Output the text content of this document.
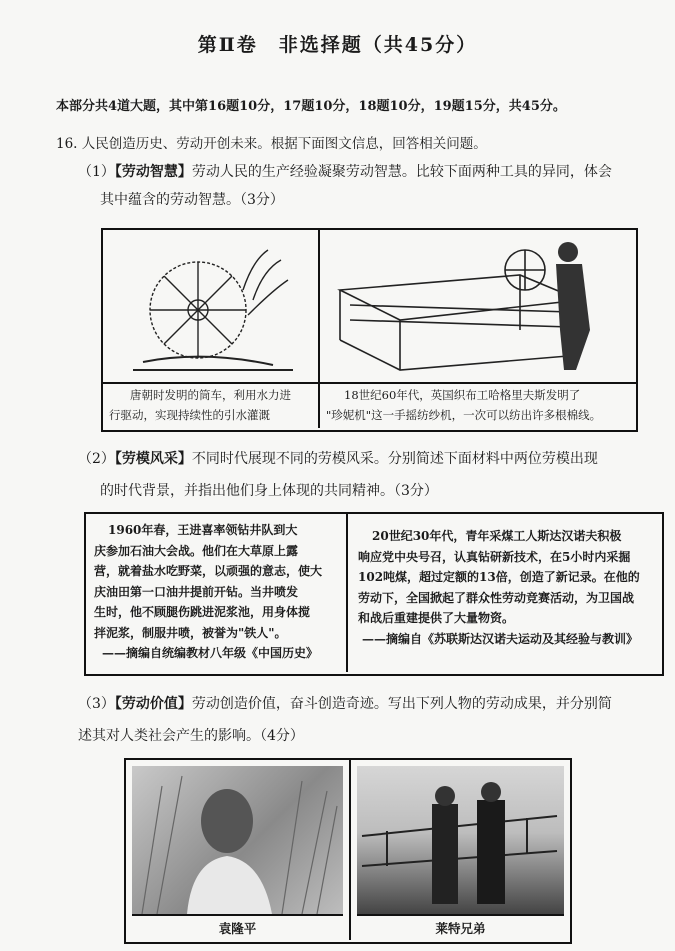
第Ⅱ卷　非选择题（共45分）
本部分共4道大题，其中第16题10分，17题10分，18题10分，19题15分，共45分。
16. 人民创造历史、劳动开创未来。根据下面图文信息，回答相关问题。
（1）【劳动智慧】劳动人民的生产经验凝聚劳动智慧。比较下面两种工具的异同，体会
其中蕴含的劳动智慧。（3分）
唐朝时发明的筒车，利用水力进
行驱动，实现持续性的引水灌溉
18世纪60年代，英国织布工哈格里夫斯发明了
"珍妮机"这一手摇纺纱机，一次可以纺出许多根棉线。
（2）【劳模风采】不同时代展现不同的劳模风采。分别简述下面材料中两位劳模出现
的时代背景，并指出他们身上体现的共同精神。（3分）
1960年春，王进喜率领钻井队到大
庆参加石油大会战。他们在大草原上露
营，就着盐水吃野菜，以顽强的意志，使大
庆油田第一口油井提前开钻。当井喷发
生时，他不顾腿伤跳进泥浆池，用身体搅
拌泥浆，制服井喷，被誉为"铁人"。
——摘编自统编教材八年级《中国历史》
20世纪30年代，青年采煤工人斯达汉诺夫积极
响应党中央号召，认真钻研新技术，在5小时内采掘
102吨煤，超过定额的13倍，创造了新记录。在他的
劳动下，全国掀起了群众性劳动竞赛活动，为卫国战
和战后重建提供了大量物资。
——摘编自《苏联斯达汉诺夫运动及其经验与教训》
（3）【劳动价值】劳动创造价值，奋斗创造奇迹。写出下列人物的劳动成果，并分别简
述其对人类社会产生的影响。（4分）
袁隆平	莱特兄弟
